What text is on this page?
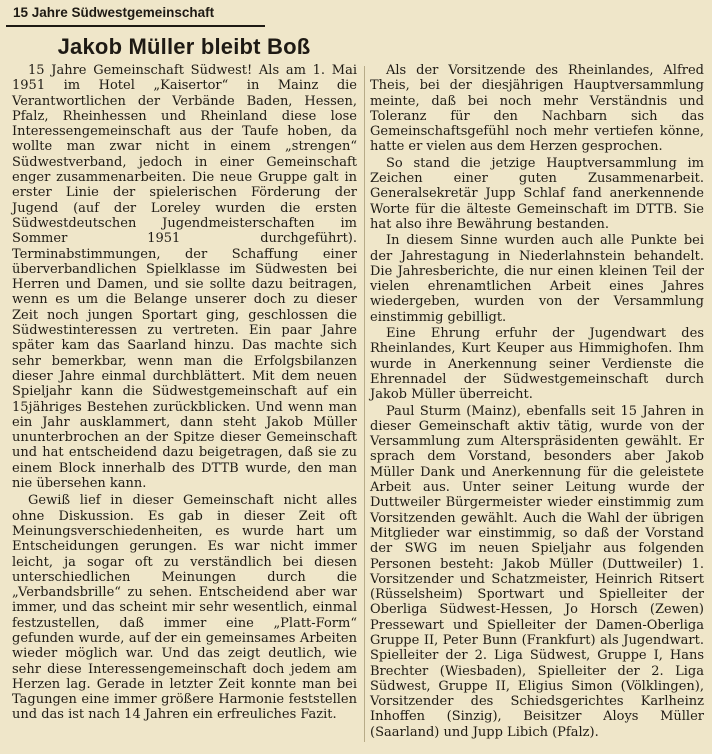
15 Jahre Südwestgemeinschaft
Jakob Müller bleibt Boß

15 Jahre Gemeinschaft Südwest! Als am 1. Mai 1951 im Hotel „Kaisertor“ in Mainz die Verantwortlichen der Verbände Baden, Hessen, Pfalz, Rheinhessen und Rheinland diese lose Interessengemeinschaft aus der Taufe hoben, da wollte man zwar nicht in einem „strengen“ Südwestverband, jedoch in einer Gemeinschaft enger zusammenarbeiten. Die neue Gruppe galt in erster Linie der spielerischen Förderung der Jugend (auf der Loreley wurden die ersten Südwestdeutschen Jugendmeisterschaften im Sommer 1951 durchgeführt). Terminabstimmungen, der Schaffung einer überverbandlichen Spielklasse im Südwesten bei Herren und Damen, und sie sollte dazu beitragen, wenn es um die Belange unserer doch zu dieser Zeit noch jungen Sportart ging, geschlossen die Südwestinteressen zu vertreten. Ein paar Jahre später kam das Saarland hinzu. Das machte sich sehr bemerkbar, wenn man die Erfolgsbilanzen dieser Jahre einmal durchblättert. Mit dem neuen Spieljahr kann die Südwestgemeinschaft auf ein 15jähriges Bestehen zurückblicken. Und wenn man ein Jahr ausklammert, dann steht Jakob Müller ununterbrochen an der Spitze dieser Gemeinschaft und hat entscheidend dazu beigetragen, daß sie zu einem Block innerhalb des DTTB wurde, den man nie übersehen kann.

Gewiß lief in dieser Gemeinschaft nicht alles ohne Diskussion. Es gab in dieser Zeit oft Meinungsverschiedenheiten, es wurde hart um Entscheidungen gerungen. Es war nicht immer leicht, ja sogar oft zu verständlich bei diesen unterschiedlichen Meinungen durch die „Verbandsbrille“ zu sehen. Entscheidend aber war immer, und das scheint mir sehr wesentlich, einmal festzustellen, daß immer eine „Platt-Form“ gefunden wurde, auf der ein gemeinsames Arbeiten wieder möglich war. Und das zeigt deutlich, wie sehr diese Interessengemeinschaft doch jedem am Herzen lag. Gerade in letzter Zeit konnte man bei Tagungen eine immer größere Harmonie feststellen und das ist nach 14 Jahren ein erfreuliches Fazit.

Als der Vorsitzende des Rheinlandes, Alfred Theis, bei der diesjährigen Hauptversammlung meinte, daß bei noch mehr Verständnis und Toleranz für den Nachbarn sich das Gemeinschaftsgefühl noch mehr vertiefen könne, hatte er vielen aus dem Herzen gesprochen.

So stand die jetzige Hauptversammlung im Zeichen einer guten Zusammenarbeit. Generalsekretär Jupp Schlaf fand anerkennende Worte für die älteste Gemeinschaft im DTTB. Sie hat also ihre Bewährung bestanden.

In diesem Sinne wurden auch alle Punkte bei der Jahrestagung in Niederlahnstein behandelt. Die Jahresberichte, die nur einen kleinen Teil der vielen ehrenamtlichen Arbeit eines Jahres wiedergeben, wurden von der Versammlung einstimmig gebilligt.

Eine Ehrung erfuhr der Jugendwart des Rheinlandes, Kurt Keuper aus Himmighofen. Ihm wurde in Anerkennung seiner Verdienste die Ehrennadel der Südwestgemeinschaft durch Jakob Müller überreicht.

Paul Sturm (Mainz), ebenfalls seit 15 Jahren in dieser Gemeinschaft aktiv tätig, wurde von der Versammlung zum Alterspräsidenten gewählt. Er sprach dem Vorstand, besonders aber Jakob Müller Dank und Anerkennung für die geleistete Arbeit aus. Unter seiner Leitung wurde der Duttweiler Bürgermeister wieder einstimmig zum Vorsitzenden gewählt. Auch die Wahl der übrigen Mitglieder war einstimmig, so daß der Vorstand der SWG im neuen Spieljahr aus folgenden Personen besteht: Jakob Müller (Duttweiler) 1. Vorsitzender und Schatzmeister, Heinrich Ritsert (Rüsselsheim) Sportwart und Spielleiter der Oberliga Südwest-Hessen, Jo Horsch (Zewen) Pressewart und Spielleiter der Damen-Oberliga Gruppe II, Peter Bunn (Frankfurt) als Jugendwart. Spielleiter der 2. Liga Südwest, Gruppe I, Hans Brechter (Wiesbaden), Spielleiter der 2. Liga Südwest, Gruppe II, Eligius Simon (Völklingen), Vorsitzender des Schiedsgerichtes Karlheinz Inhoffen (Sinzig), Beisitzer Aloys Müller (Saarland) und Jupp Libich (Pfalz).
